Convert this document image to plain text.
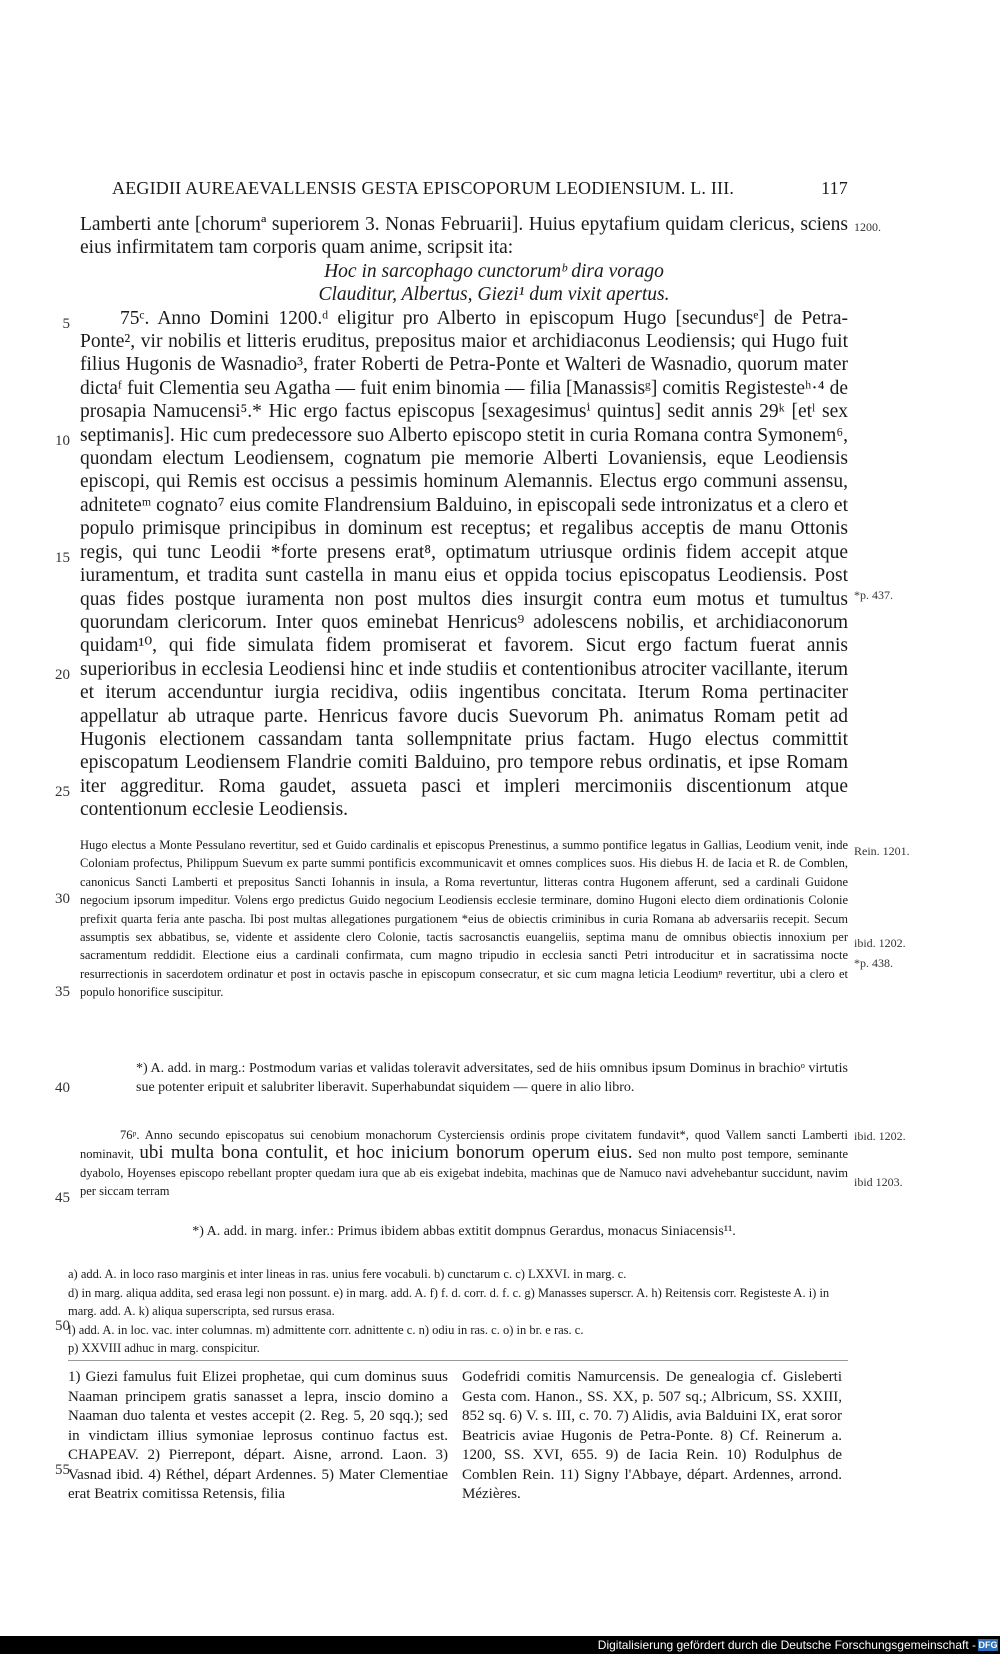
AEGIDII AUREAEVALLENSIS GESTA EPISCOPORUM LEODIENSIUM. L. III.	117

Lamberti ante [chorumª superiorem 3. Nonas Februarii]. Huius epytafium quidam clericus, sciens eius infirmitatem tam corporis quam anime, scripsit ita:

Hoc in sarcophago cunctorumᵇ dira vorago

Clauditur, Albertus, Giezi¹ dum vixit apertus.

75ᶜ. Anno Domini 1200.ᵈ eligitur pro Alberto in episcopum Hugo [secundusᵉ] de Petra-Ponte², vir nobilis et litteris eruditus, prepositus maior et archidiaconus Leodiensis; qui Hugo fuit filius Hugonis de Wasnadio³, frater Roberti de Petra-Ponte et Walteri de Wasnadio, quorum mater dictaᶠ fuit Clementia seu Agatha — fuit enim binomia — filia [Manassisᵍ] comitis Registesteʰ·⁴ de prosapia Namucensi⁵.* Hic ergo factus episcopus [sexagesimusⁱ quintus] sedit annis 29ᵏ [etˡ sex septimanis]. Hic cum predecessore suo Alberto episcopo stetit in curia Romana contra Symonem⁶, quondam electum Leodiensem, cognatum pie memorie Alberti Lovaniensis, eque Leodiensis episcopi, qui Remis est occisus a pessimis hominum Alemannis. Electus ergo communi assensu, adniteteᵐ cognato⁷ eius comite Flandrensium Balduino, in episcopali sede intronizatus et a clero et populo primisque principibus in dominum est receptus; et regalibus acceptis de manu Ottonis regis, qui tunc Leodii *forte presens erat⁸, optimatum utriusque ordinis fidem accepit atque iuramentum, et tradita sunt castella in manu eius et oppida tocius episcopatus Leodiensis. Post quas fides postque iuramenta non post multos dies insurgit contra eum motus et tumultus quorundam clericorum. Inter quos eminebat Henricus⁹ adolescens nobilis, et archidiaconorum quidam¹⁰, qui fide simulata fidem promiserat et favorem. Sicut ergo factum fuerat annis superioribus in ecclesia Leodiensi hinc et inde studiis et contentionibus atrociter vacillante, iterum et iterum accenduntur iurgia recidiva, odiis ingentibus concitata. Iterum Roma pertinaciter appellatur ab utraque parte. Henricus favore ducis Suevorum Ph. animatus Romam petit ad Hugonis electionem cassandam tanta sollempnitate prius factam. Hugo electus committit episcopatum Leodiensem Flandrie comiti Balduino, pro tempore rebus ordinatis, et ipse Romam iter aggreditur. Roma gaudet, assueta pasci et impleri mercimoniis discentionum atque contentionum ecclesie Leodiensis.

Hugo electus a Monte Pessulano revertitur, sed et Guido cardinalis et episcopus Prenestinus, a summo pontifice legatus in Gallias, Leodium venit, inde Coloniam profectus, Philippum Suevum ex parte summi pontificis excommunicavit et omnes complices suos. His diebus H. de Iacia et R. de Comblen, canonicus Sancti Lamberti et prepositus Sancti Iohannis in insula, a Roma revertuntur, litteras contra Hugonem afferunt, sed a cardinali Guidone negocium ipsorum impeditur. Volens ergo predictus Guido negocium Leodiensis ecclesie terminare, domino Hugoni electo diem ordinationis Colonie prefixit quarta feria ante pascha. Ibi post multas allegationes purgationem *eius de obiectis criminibus in curia Romana ab adversariis recepit. Secum assumptis sex abbatibus, se, vidente et assidente clero Colonie, tactis sacrosanctis euangeliis, septima manu de omnibus obiectis innoxium per sacramentum reddidit. Electione eius a cardinali confirmata, cum magno tripudio in ecclesia sancti Petri introducitur et in sacratissima nocte resurrectionis in sacerdotem ordinatur et post in octavis pasche in episcopum consecratur, et sic cum magna leticia Leodiumⁿ revertitur, ubi a clero et populo honorifice suscipitur.

*) A. add. in marg.: Postmodum varias et validas toleravit adversitates, sed de hiis omnibus ipsum Dominus in brachioᵒ virtutis sue potenter eripuit et salubriter liberavit. Superhabundat siquidem — quere in alio libro.

76ᵖ. Anno secundo episcopatus sui cenobium monachorum Cysterciensis ordinis prope civitatem fundavit*, quod Vallem sancti Lamberti nominavit, ubi multa bona contulit, et hoc inicium bonorum operum eius. Sed non multo post tempore, seminante dyabolo, Hoyenses episcopo rebellant propter quedam iura que ab eis exigebat indebita, machinas que de Namuco navi advehebantur succidunt, navim per siccam terram

*) A. add. in marg. infer.: Primus ibidem abbas extitit dompnus Gerardus, monacus Siniacensis¹¹.

a) add. A. in loco raso marginis et inter lineas in ras. unius fere vocabuli. b) cunctarum c. c) LXXVI. in marg. c.

d) in marg. aliqua addita, sed erasa legi non possunt. e) in marg. add. A. f) f. d. corr. d. f. c. g) Manasses superscr. A. h) Reitensis corr. Registeste A. i) in marg. add. A. k) aliqua superscripta, sed rursus erasa.

l) add. A. in loc. vac. inter columnas. m) admittente corr. adnittente c. n) odiu in ras. c. o) in br. e ras. c.

p) XXVIII adhuc in marg. conspicitur.

1) Giezi famulus fuit Elizei prophetae, qui cum dominus suus Naaman principem gratis sanasset a lepra, inscio domino a Naaman duo talenta et vestes accepit (2. Reg. 5, 20 sqq.); sed in vindictam illius symoniae leprosus continuo factus est. CHAPEAV. 2) Pierrepont, départ. Aisne, arrond. Laon. 3) Vasnad ibid. 4) Réthel, départ Ardennes. 5) Mater Clementiae erat Beatrix comitissa Retensis, filia

Godefridi comitis Namurcensis. De genealogia cf. Gisleberti Gesta com. Hanon., SS. XX, p. 507 sq.; Albricum, SS. XXIII, 852 sq. 6) V. s. III, c. 70. 7) Alidis, avia Balduini IX, erat soror Beatricis aviae Hugonis de Petra-Ponte. 8) Cf. Reinerum a. 1200, SS. XVI, 655. 9) de Iacia Rein. 10) Rodulphus de Comblen Rein. 11) Signy l'Abbaye, départ. Ardennes, arrond. Mézières.

5
10
15
20
25
30
35
40
45
50
55
1200.
*p. 437.
Rein. 1201.
ibid. 1202.
*p. 438.
ibid. 1202.
ibid 1203.
Digitalisierung gefördert durch die Deutsche Forschungsgemeinschaft - DFG
